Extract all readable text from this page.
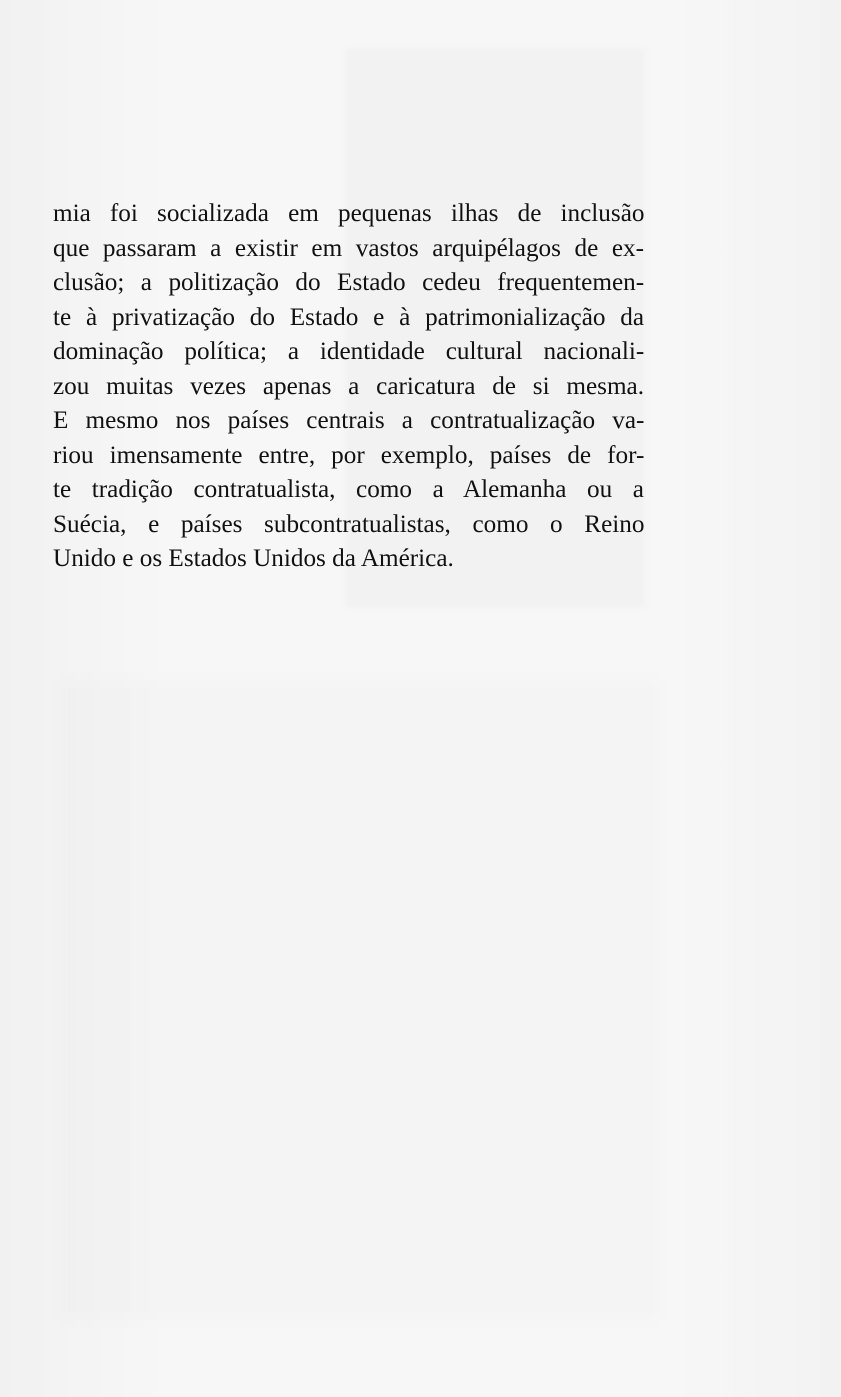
mia foi socializada em pequenas ilhas de inclusão
que passaram a existir em vastos arquipélagos de ex-
clusão; a politização do Estado cedeu frequentemen-
te à privatização do Estado e à patrimonialização da
dominação política; a identidade cultural nacionali-
zou muitas vezes apenas a caricatura de si mesma.
E mesmo nos países centrais a contratualização va-
riou imensamente entre, por exemplo, países de for-
te tradição contratualista, como a Alemanha ou a
Suécia, e países subcontratualistas, como o Reino
Unido e os Estados Unidos da América.
